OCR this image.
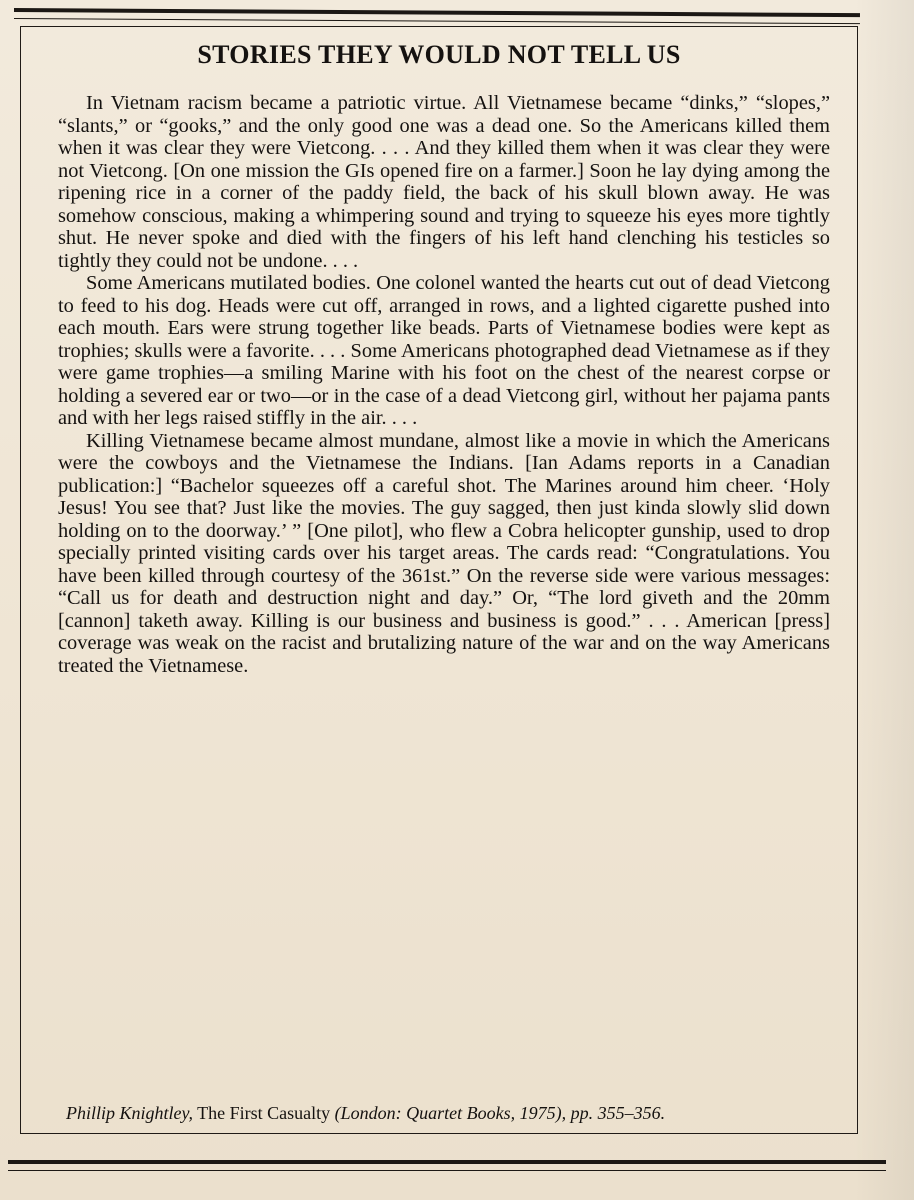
STORIES THEY WOULD NOT TELL US

In Vietnam racism became a patriotic virtue. All Vietnamese became “dinks,” “slopes,” “slants,” or “gooks,” and the only good one was a dead one. So the Americans killed them when it was clear they were Vietcong. . . . And they killed them when it was clear they were not Vietcong. [On one mission the GIs opened fire on a farmer.] Soon he lay dying among the ripening rice in a corner of the paddy field, the back of his skull blown away. He was somehow conscious, making a whimpering sound and trying to squeeze his eyes more tightly shut. He never spoke and died with the fingers of his left hand clenching his testicles so tightly they could not be undone. . . .

Some Americans mutilated bodies. One colonel wanted the hearts cut out of dead Vietcong to feed to his dog. Heads were cut off, arranged in rows, and a lighted cigarette pushed into each mouth. Ears were strung together like beads. Parts of Vietnamese bodies were kept as trophies; skulls were a favorite. . . . Some Americans photographed dead Vietnamese as if they were game trophies—a smiling Marine with his foot on the chest of the nearest corpse or holding a severed ear or two—or in the case of a dead Vietcong girl, without her pajama pants and with her legs raised stiffly in the air. . . .

Killing Vietnamese became almost mundane, almost like a movie in which the Americans were the cowboys and the Vietnamese the Indians. [Ian Adams reports in a Canadian publication:] “Bachelor squeezes off a careful shot. The Marines around him cheer. ‘Holy Jesus! You see that? Just like the movies. The guy sagged, then just kinda slowly slid down holding on to the doorway.’ ” [One pilot], who flew a Cobra helicopter gunship, used to drop specially printed visiting cards over his target areas. The cards read: “Congratulations. You have been killed through courtesy of the 361st.” On the reverse side were various messages: “Call us for death and destruction night and day.” Or, “The lord giveth and the 20mm [cannon] taketh away. Killing is our business and business is good.” . . . American [press] coverage was weak on the racist and brutalizing nature of the war and on the way Americans treated the Vietnamese.

Phillip Knightley, The First Casualty (London: Quartet Books, 1975), pp. 355–356.
